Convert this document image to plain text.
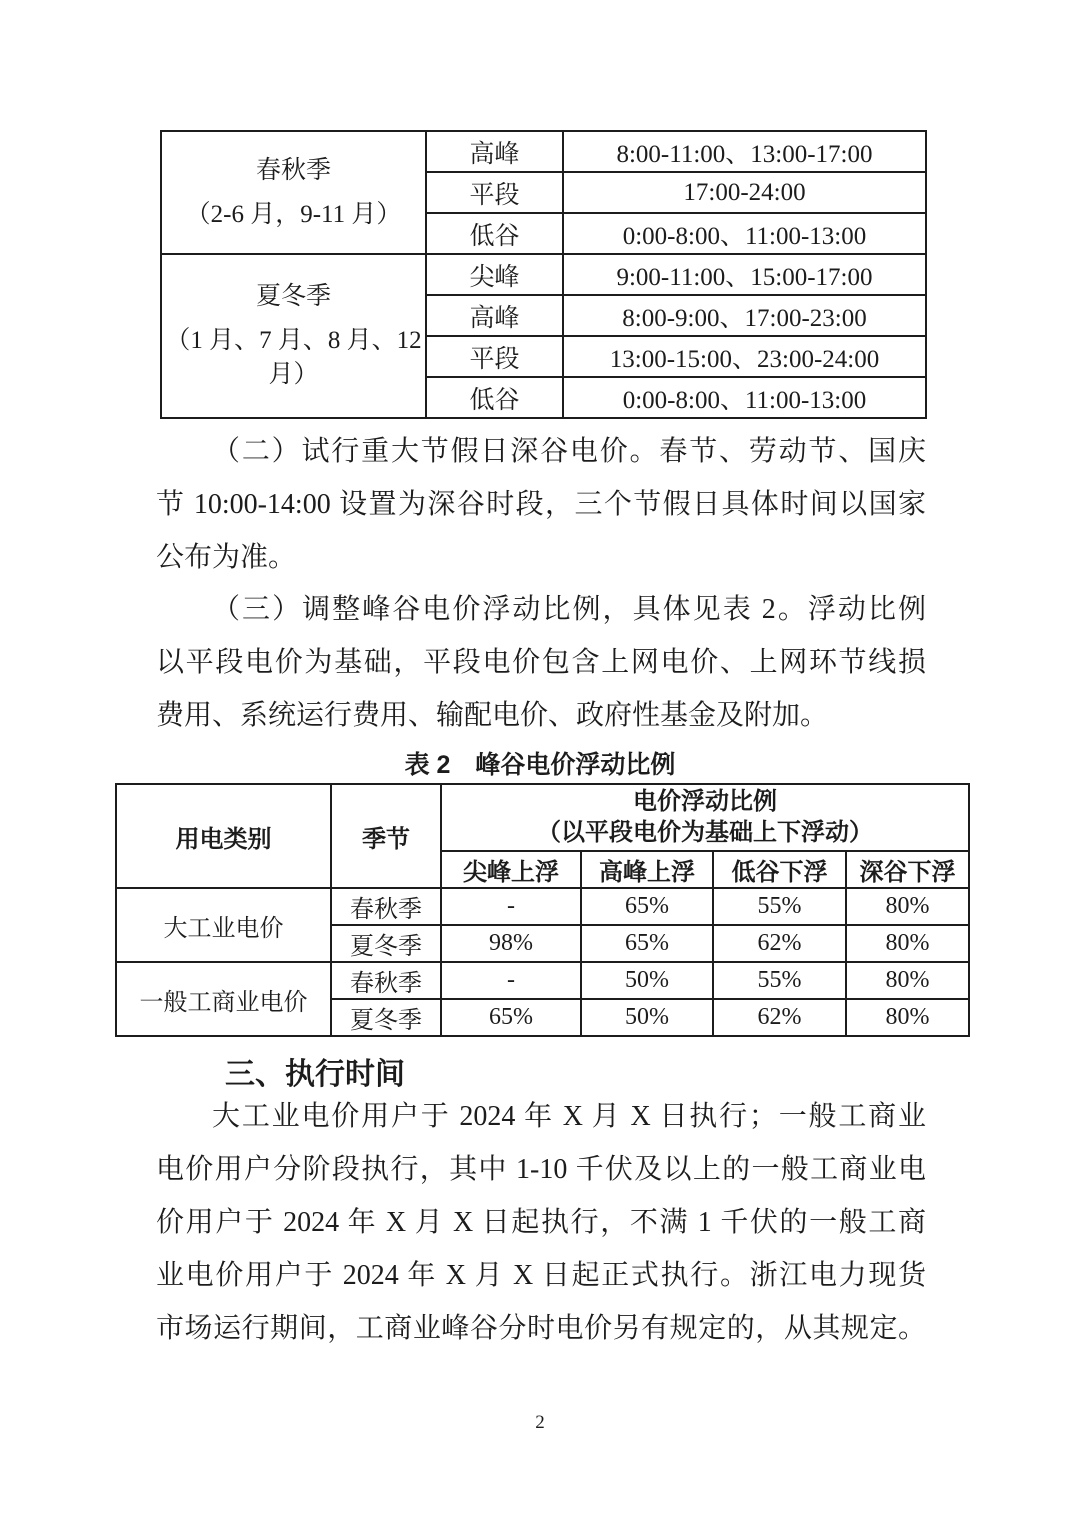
春秋季
（2-6 月，9-11 月）	高峰	8:00-11:00、13:00-17:00
	平段	17:00-24:00
	低谷	0:00-8:00、11:00-13:00

夏冬季
（1 月、7 月、8 月、12 月）	尖峰	9:00-11:00、15:00-17:00
	高峰	8:00-9:00、17:00-23:00
	平段	13:00-15:00、23:00-24:00
	低谷	0:00-8:00、11:00-13:00
（二）试行重大节假日深谷电价。春节、劳动节、国庆
节 10:00-14:00 设置为深谷时段，三个节假日具体时间以国家
公布为准。
（三）调整峰谷电价浮动比例，具体见表 2。浮动比例
以平段电价为基础，平段电价包含上网电价、上网环节线损
费用、系统运行费用、输配电价、政府性基金及附加。
表 2　峰谷电价浮动比例
用电类别	季节	电价浮动比例
（以平段电价为基础上下浮动）			

		尖峰上浮	高峰上浮	低谷下浮	深谷下浮
大工业电价	春秋季	-	65%	55%	80%
	夏冬季	98%	65%	62%	80%
一般工商业电价	春秋季	-	50%	55%	80%
	夏冬季	65%	50%	62%	80%
三、执行时间
大工业电价用户于 2024 年 X 月 X 日执行；一般工商业
电价用户分阶段执行，其中 1-10 千伏及以上的一般工商业电
价用户于 2024 年 X 月 X 日起执行，不满 1 千伏的一般工商
业电价用户于 2024 年 X 月 X 日起正式执行。浙江电力现货
市场运行期间，工商业峰谷分时电价另有规定的，从其规定。
2
